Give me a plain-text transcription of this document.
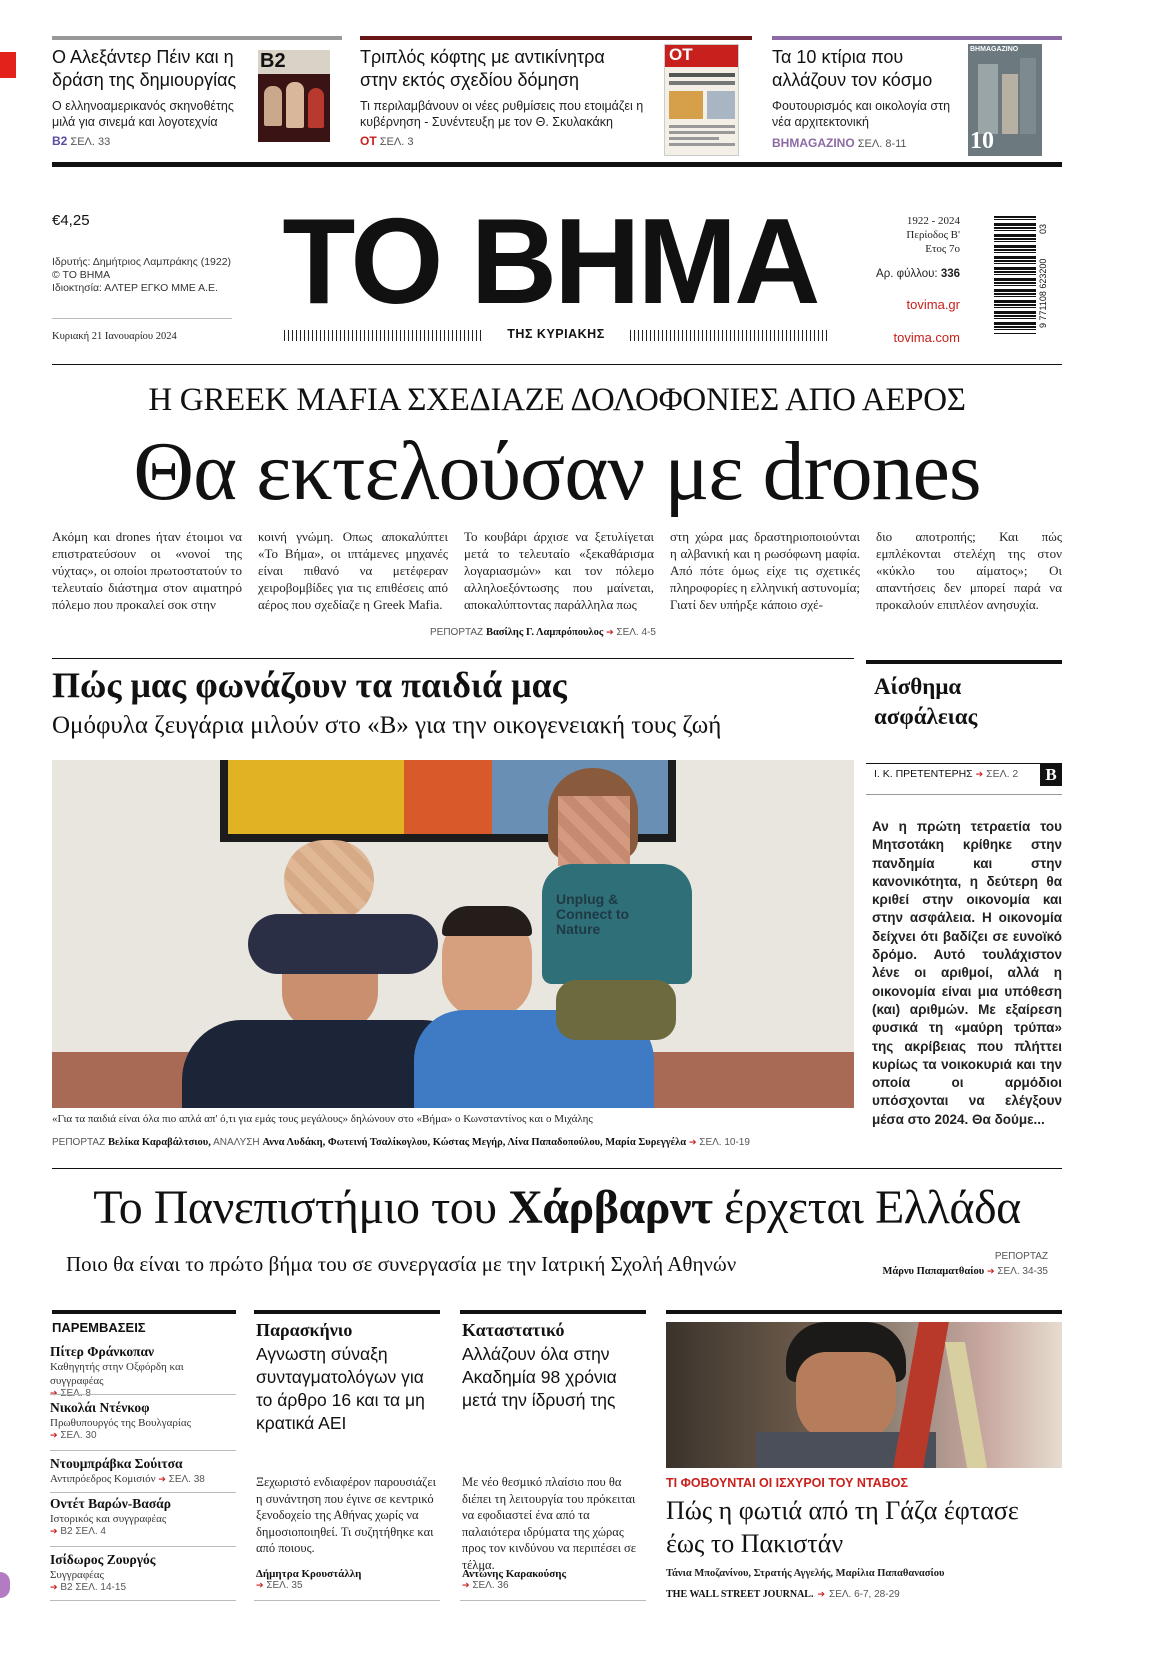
Ο Αλεξάντερ Πέιν και η δράση της δημιουργίας
Ο ελληνοαμερικανός σκηνοθέτης μιλά για σινεμά και λογοτεχνία
B2 ΣΕΛ. 33
B2	Τριπλός κόφτης με αντικίνητρα στην εκτός σχεδίου δόμηση
Τι περιλαμβάνουν οι νέες ρυθμίσεις που ετοιμάζει η κυβέρνηση - Συνέντευξη με τον Θ. Σκυλακάκη
OT ΣΕΛ. 3
OT	Τα 10 κτίρια που αλλάζουν τον κόσμο
Φουτουρισμός και οικολογία στη νέα αρχιτεκτονική
BHMAGAZINO ΣΕΛ. 8-11
BHMAGAZINO
10
€4,25
Ιδρυτής: Δημήτριος Λαμπράκης (1922)
© ΤΟ ΒΗΜΑ
Ιδιοκτησία: ΑΛΤΕΡ ΕΓΚΟ ΜΜΕ Α.Ε.
Κυριακή 21 Ιανουαρίου 2024
ΤΟ ΒΗΜΑ
ΤΗΣ ΚΥΡΙΑΚΗΣ
1922 - 2024
Περίοδος Β'
Ετος 7ο
Αρ. φύλλου: 336
tovima.gr
tovima.com
9 771108 623200
03
Η GREEK MAFIA ΣΧΕΔΙΑΖΕ ΔΟΛΟΦΟΝΙΕΣ ΑΠΟ ΑΕΡΟΣ
Θα εκτελούσαν με drones
Ακόμη και drones ήταν έτοιμοι να επιστρατεύσουν οι «νονοί της νύχτας», οι οποίοι πρωτοστατούν το τελευταίο διάστημα στον αιματηρό πόλεμο που προκαλεί σοκ στην
κοινή γνώμη. Οπως αποκαλύπτει «Το Βήμα», οι ιπτάμενες μηχανές είναι πιθανό να μετέφεραν χειροβομβίδες για τις επιθέσεις από αέρος που σχεδίαζε η Greek Mafia.
Το κουβάρι άρχισε να ξετυλίγεται μετά το τελευταίο «ξεκαθάρισμα λογαριασμών» και τον πόλεμο αλληλοεξόντωσης που μαίνεται, αποκαλύπτοντας παράλληλα πως
στη χώρα μας δραστηριοποιούνται η αλβανική και η ρωσόφωνη μαφία. Από πότε όμως είχε τις σχετικές πληροφορίες η ελληνική αστυνομία; Γιατί δεν υπήρξε κάποιο σχέ-
διο αποτροπής; Και πώς εμπλέκονται στελέχη της στον «κύκλο του αίματος»; Οι απαντήσεις δεν μπορεί παρά να προκαλούν επιπλέον ανησυχία.
ΡΕΠΟΡΤΑΖ Βασίλης Γ. Λαμπρόπουλος ➔ ΣΕΛ. 4-5
Πώς μας φωνάζουν τα παιδιά μας
Ομόφυλα ζευγάρια μιλούν στο «Β» για την οικογενειακή τους ζωή
Unplug & Connect to Nature
«Για τα παιδιά είναι όλα πιο απλά απ' ό,τι για εμάς τους μεγάλους» δηλώνουν στο «Βήμα» ο Κωνσταντίνος και ο Μιχάλης
ΡΕΠΟΡΤΑΖ Βελίκα Καραβάλτσιου, ΑΝΑΛΥΣΗ Αννα Λυδάκη, Φωτεινή Τσαλίκογλου, Κώστας Μεγήρ, Λίνα Παπαδοπούλου, Μαρία Συρεγγέλα ➔ ΣΕΛ. 10-19
Αίσθημα ασφάλειας
Ι. Κ. ΠΡΕΤΕΝΤΕΡΗΣ ➔ ΣΕΛ. 2	B
Αν η πρώτη τετραετία του Μητσοτάκη κρίθηκε στην πανδημία και στην κανονικότητα, η δεύτερη θα κριθεί στην οικονομία και στην ασφάλεια. Η οικονομία δείχνει ότι βαδίζει σε ευνοϊκό δρόμο. Αυτό τουλάχιστον λένε οι αριθμοί, αλλά η οικονομία είναι μια υπόθεση (και) αριθμών. Με εξαίρεση φυσικά τη «μαύρη τρύπα» της ακρίβειας που πλήττει κυρίως τα νοικοκυριά και την οποία οι αρμόδιοι υπόσχονται να ελέγξουν μέσα στο 2024. Θα δούμε...
Το Πανεπιστήμιο του Χάρβαρντ έρχεται Ελλάδα
Ποιο θα είναι το πρώτο βήμα του σε συνεργασία με την Ιατρική Σχολή Αθηνών	ΡΕΠΟΡΤΑΖ
Μάρνυ Παπαματθαίου ➔ ΣΕΛ. 34-35
ΠΑΡΕΜΒΑΣΕΙΣ
Πίτερ Φράνκοπαν
Καθηγητής στην Οξφόρδη και συγγραφέας
Νικολάι Ντένκοφ
Πρωθυπουργός της Βουλγαρίας
➔ ΣΕΛ. 30
Ντουμπράβκα Σούιτσα
Αντιπρόεδρος Κομισιόν ➔ ΣΕΛ. 38
Οντέτ Βαρών-Βασάρ
Ιστορικός και συγγραφέας
➔ B2 ΣΕΛ. 4
Ισίδωρος Ζουργός
Συγγραφέας
➔ B2 ΣΕΛ. 14-15
Παρασκήνιο
Αγνωστη σύναξη συνταγματολόγων για το άρθρο 16 και τα μη κρατικά ΑΕΙ
Ξεχωριστό ενδιαφέρον παρουσιάζει η συνάντηση που έγινε σε κεντρικό ξενοδοχείο της Αθήνας χωρίς να δημοσιοποιηθεί. Τι συζητήθηκε και από ποιους.
Δήμητρα Κρουστάλλη
➔ ΣΕΛ. 35
Καταστατικό
Αλλάζουν όλα στην Ακαδημία 98 χρόνια μετά την ίδρυσή της
Με νέο θεσμικό πλαίσιο που θα διέπει τη λειτουργία του πρόκειται να εφοδιαστεί ένα από τα παλαιότερα ιδρύματα της χώρας προς τον κινδύνου να περιπέσει σε τέλμα.
Αντώνης Καρακούσης
➔ ΣΕΛ. 36
ΤΙ ΦΟΒΟΥΝΤΑΙ ΟΙ ΙΣΧΥΡΟΙ ΤΟΥ ΝΤΑΒΟΣ
Πώς η φωτιά από τη Γάζα έφτασε έως το Πακιστάν
Τάνια Μποζανίνου, Στρατής Αγγελής, Μαρίλια Παπαθανασίου
THE WALL STREET JOURNAL. ➔ ΣΕΛ. 6-7, 28-29
